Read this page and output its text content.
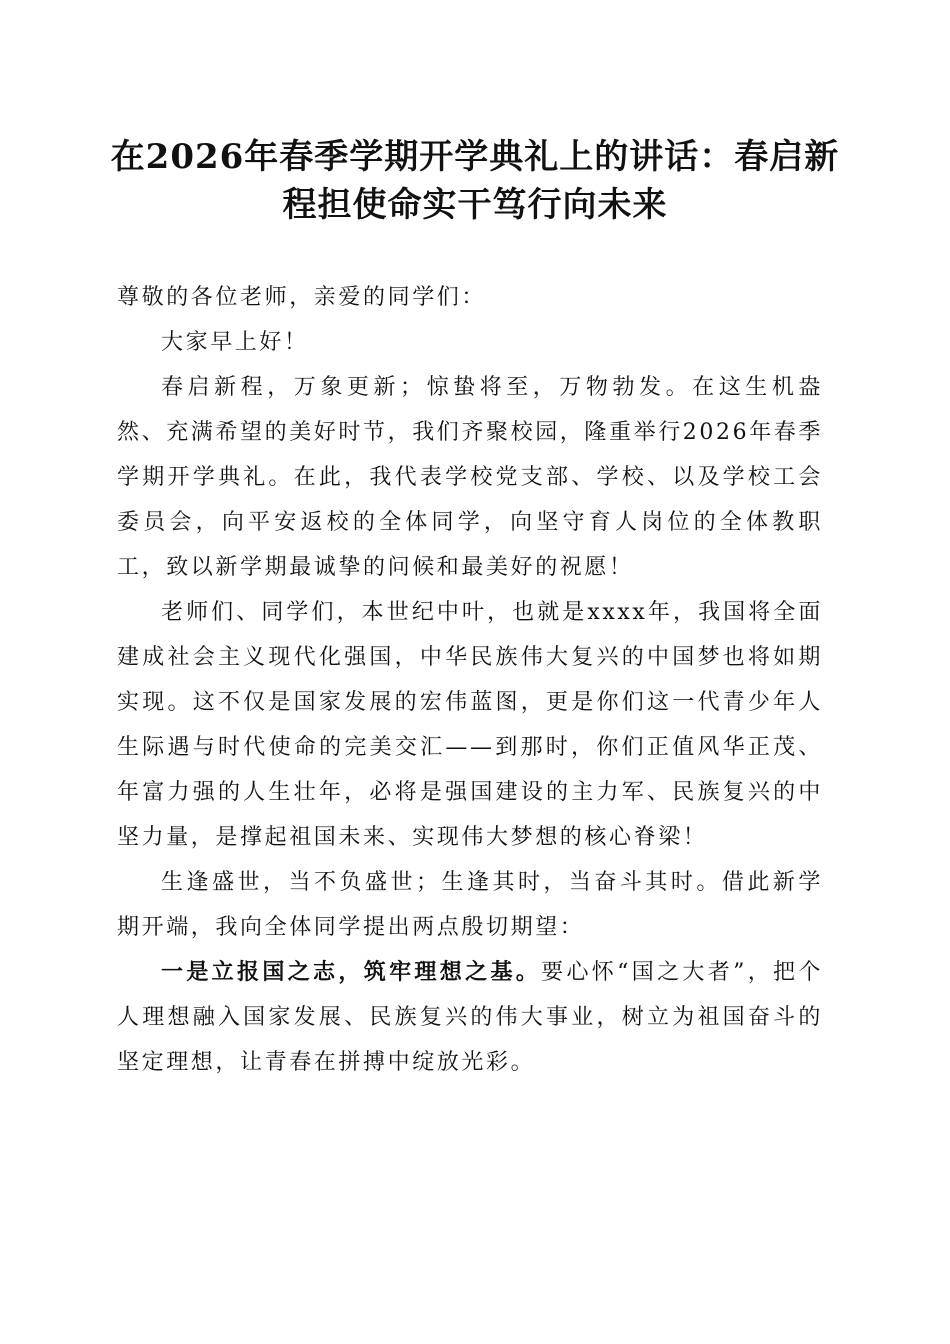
在2026年春季学期开学典礼上的讲话：春启新程担使命实干笃行向未来

尊敬的各位老师，亲爱的同学们：

大家早上好！

春启新程，万象更新；惊蛰将至，万物勃发。在这生机盎然、充满希望的美好时节，我们齐聚校园，隆重举行2026年春季学期开学典礼。在此，我代表学校党支部、学校、以及学校工会委员会，向平安返校的全体同学，向坚守育人岗位的全体教职工，致以新学期最诚挚的问候和最美好的祝愿！

老师们、同学们，本世纪中叶，也就是xxxx年，我国将全面建成社会主义现代化强国，中华民族伟大复兴的中国梦也将如期实现。这不仅是国家发展的宏伟蓝图，更是你们这一代青少年人生际遇与时代使命的完美交汇——到那时，你们正值风华正茂、年富力强的人生壮年，必将是强国建设的主力军、民族复兴的中坚力量，是撑起祖国未来、实现伟大梦想的核心脊梁！

生逢盛世，当不负盛世；生逢其时，当奋斗其时。借此新学期开端，我向全体同学提出两点殷切期望：

一是立报国之志，筑牢理想之基。要心怀“国之大者”，把个人理想融入国家发展、民族复兴的伟大事业，树立为祖国奋斗的坚定理想，让青春在拼搏中绽放光彩。
